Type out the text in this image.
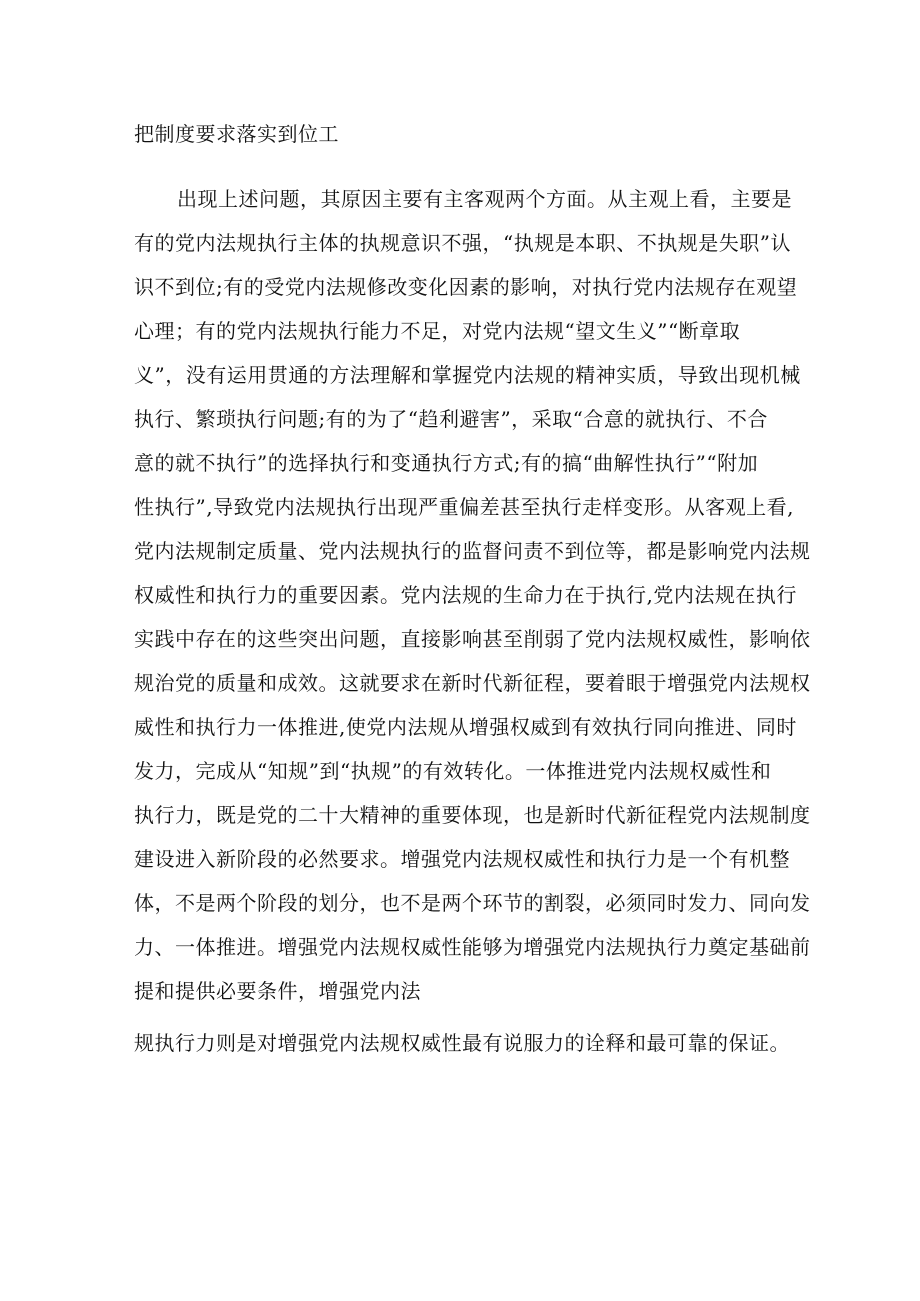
把制度要求落实到位工
出现上述问题，其原因主要有主客观两个方面。从主观上看，主要是
有的党内法规执行主体的执规意识不强，“执规是本职、不执规是失职”认
识不到位;有的受党内法规修改变化因素的影响，对执行党内法规存在观望
心理；有的党内法规执行能力不足，对党内法规“望文生义”“断章取
义”，没有运用贯通的方法理解和掌握党内法规的精神实质，导致出现机械
执行、繁琐执行问题;有的为了“趋利避害”，采取“合意的就执行、不合
意的就不执行”的选择执行和变通执行方式;有的搞“曲解性执行”“附加
性执行”,导致党内法规执行出现严重偏差甚至执行走样变形。从客观上看,
党内法规制定质量、党内法规执行的监督问责不到位等，都是影响党内法规
权威性和执行力的重要因素。党内法规的生命力在于执行,党内法规在执行
实践中存在的这些突出问题，直接影响甚至削弱了党内法规权威性，影响依
规治党的质量和成效。这就要求在新时代新征程，要着眼于增强党内法规权
威性和执行力一体推进,使党内法规从增强权威到有效执行同向推进、同时
发力，完成从“知规”到“执规”的有效转化。一体推进党内法规权威性和
执行力，既是党的二十大精神的重要体现，也是新时代新征程党内法规制度
建设进入新阶段的必然要求。增强党内法规权威性和执行力是一个有机整
体，不是两个阶段的划分，也不是两个环节的割裂，必须同时发力、同向发
力、一体推进。增强党内法规权威性能够为增强党内法规执行力奠定基础前
提和提供必要条件，增强党内法
规执行力则是对增强党内法规权威性最有说服力的诠释和最可靠的保证。
